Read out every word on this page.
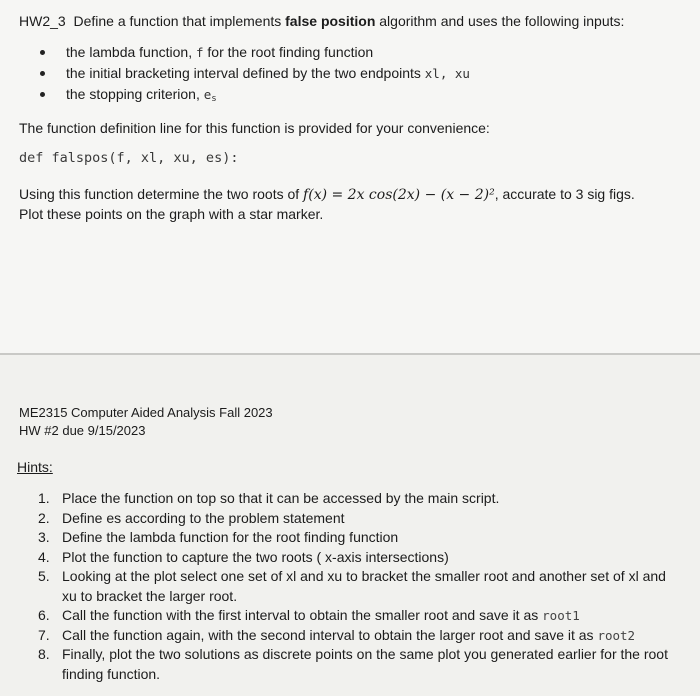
HW2_3 Define a function that implements false position algorithm and uses the following inputs:
the lambda function, f for the root finding function
the initial bracketing interval defined by the two endpoints xl, xu
the stopping criterion, $e_s$
The function definition line for this function is provided for your convenience:
def falspos(f, xl, xu, es):
Using this function determine the two roots of f(x) = 2x cos(2x) − (x − 2)², accurate to 3 sig figs.
Plot these points on the graph with a star marker.
ME2315 Computer Aided Analysis Fall 2023
HW #2 due 9/15/2023
Hints:
1. Place the function on top so that it can be accessed by the main script.
2. Define es according to the problem statement
3. Define the lambda function for the root finding function
4. Plot the function to capture the two roots ( x-axis intersections)
5. Looking at the plot select one set of xl and xu to bracket the smaller root and another set of xl and xu to bracket the larger root.
6. Call the function with the first interval to obtain the smaller root and save it as root1
7. Call the function again, with the second interval to obtain the larger root and save it as root2
8. Finally, plot the two solutions as discrete points on the same plot you generated earlier for the root finding function.
